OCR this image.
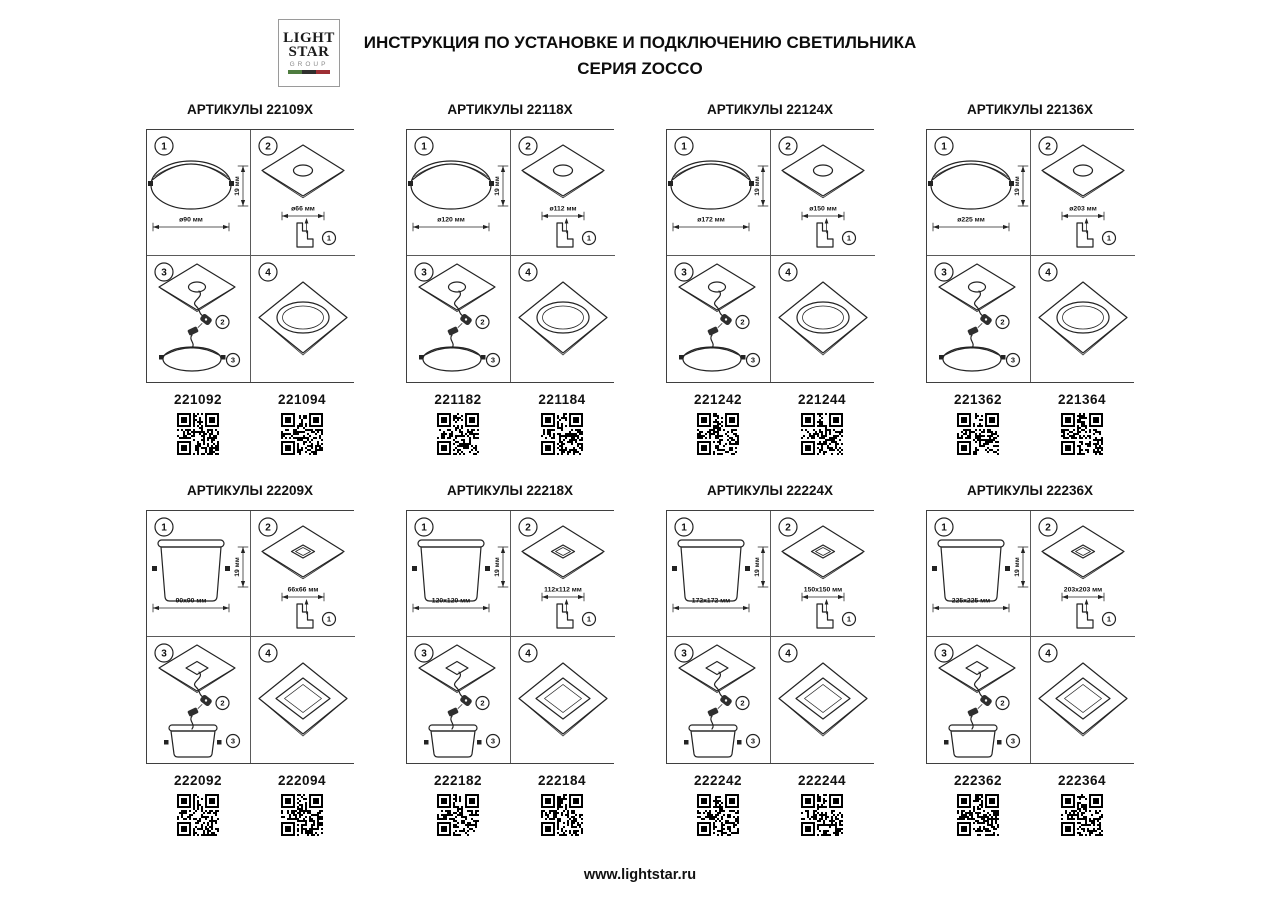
LIGHT
STAR
GROUP
ИНСТРУКЦИЯ ПО УСТАНОВКЕ И ПОДКЛЮЧЕНИЮ СВЕТИЛЬНИКА
СЕРИЯ ZOCCO
АРТИКУЛЫ 22109X
1
ø90 мм
19 мм
2
ø66 мм
1
3
2
3
4
221092	221094
АРТИКУЛЫ 22118X
1
ø120 мм
19 мм
2
ø112 мм
1
3
2
3
4
221182	221184
АРТИКУЛЫ 22124X
1
ø172 мм
19 мм
2
ø150 мм
1
3
2
3
4
221242	221244
АРТИКУЛЫ 22136X
1
ø225 мм
19 мм
2
ø203 мм
1
3
2
3
4
221362	221364
АРТИКУЛЫ 22209X
1
90x90 мм
19 мм
2
66x66 мм
1
3
2
3
4
222092	222094
АРТИКУЛЫ 22218X
1
120x120 мм
19 мм
2
112x112 мм
1
3
2
3
4
222182	222184
АРТИКУЛЫ 22224X
1
172x172 мм
19 мм
2
150x150 мм
1
3
2
3
4
222242	222244
АРТИКУЛЫ 22236X
1
225x225 мм
19 мм
2
203x203 мм
1
3
2
3
4
222362	222364
www.lightstar.ru
